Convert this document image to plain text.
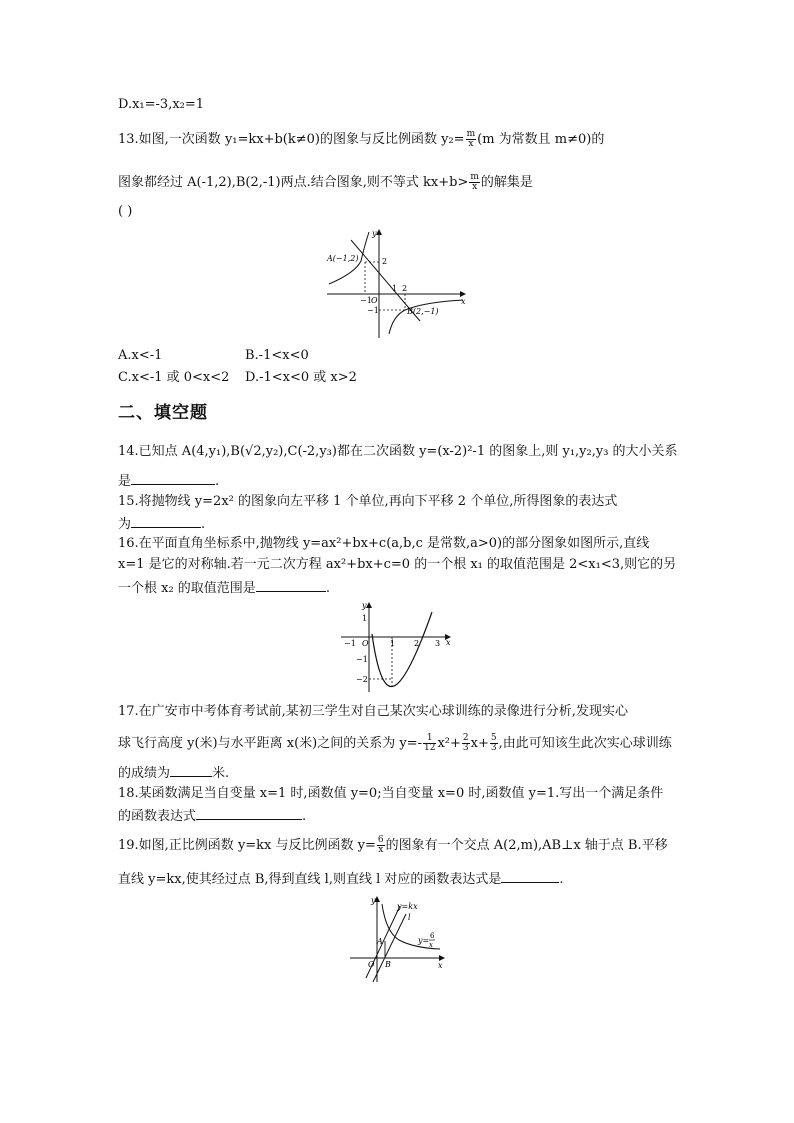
D.x₁=-3,x₂=1
13.如图,一次函数 y₁=kx+b(k≠0)的图象与反比例函数 $y_2= \frac{m}{x} (m$ 为常数且 m≠0)的
图象都经过 A(-1,2),B(2,-1)两点.结合图象,则不等式 $kx+b> \frac{m}{x}$ 的解集是
( )
y
x
O
A(−1,2)
B(2,−1)
2
−1
1 2
−1
A.x<-1	B.-1<x<0
C.x<-1 或 0<x<2 D.-1<x<0 或 x>2
二、填空题
14.已知点 A(4,y₁),B(√2,y₂),C(-2,y₃)都在二次函数 y=(x-2)²-1 的图象上,则 y₁,y₂,y₃ 的大小关系
是	.
15.将抛物线 y=2x² 的图象向左平移 1 个单位,再向下平移 2 个单位,所得图象的表达式
为	.
16.在平面直角坐标系中,抛物线 y=ax²+bx+c(a,b,c 是常数,a>0)的部分图象如图所示,直线
x=1 是它的对称轴.若一元二次方程 ax²+bx+c=0 的一个根 x₁ 的取值范围是 2<x₁<3,则它的另
一个根 x₂ 的取值范围是	.
y
x
O
1
−1	1 2 3
−1
−2
17.在广安市中考体育考试前,某初三学生对自己某次实心球训练的录像进行分析,发现实心
球飞行高度 y(米)与水平距离 x(米)之间的关系为 $y=- \frac{1}{12} x^2+ \frac{2}{3} x+ \frac{5}{3}$ ,由此可知该生此次实心球训练
的成绩为	米.
18.某函数满足当自变量 x=1 时,函数值 y=0;当自变量 x=0 时,函数值 y=1.写出一个满足条件
的函数表达式	.
19.如图,正比例函数 y=kx 与反比例函数 $y= \frac{6}{x}$ 的图象有一个交点 A(2,m),AB⊥x 轴于点 B.平移
直线 y=kx,使其经过点 B,得到直线 l,则直线 l 对应的函数表达式是	.
y
x
O
A
B
y=kx
l
y= 6
x
